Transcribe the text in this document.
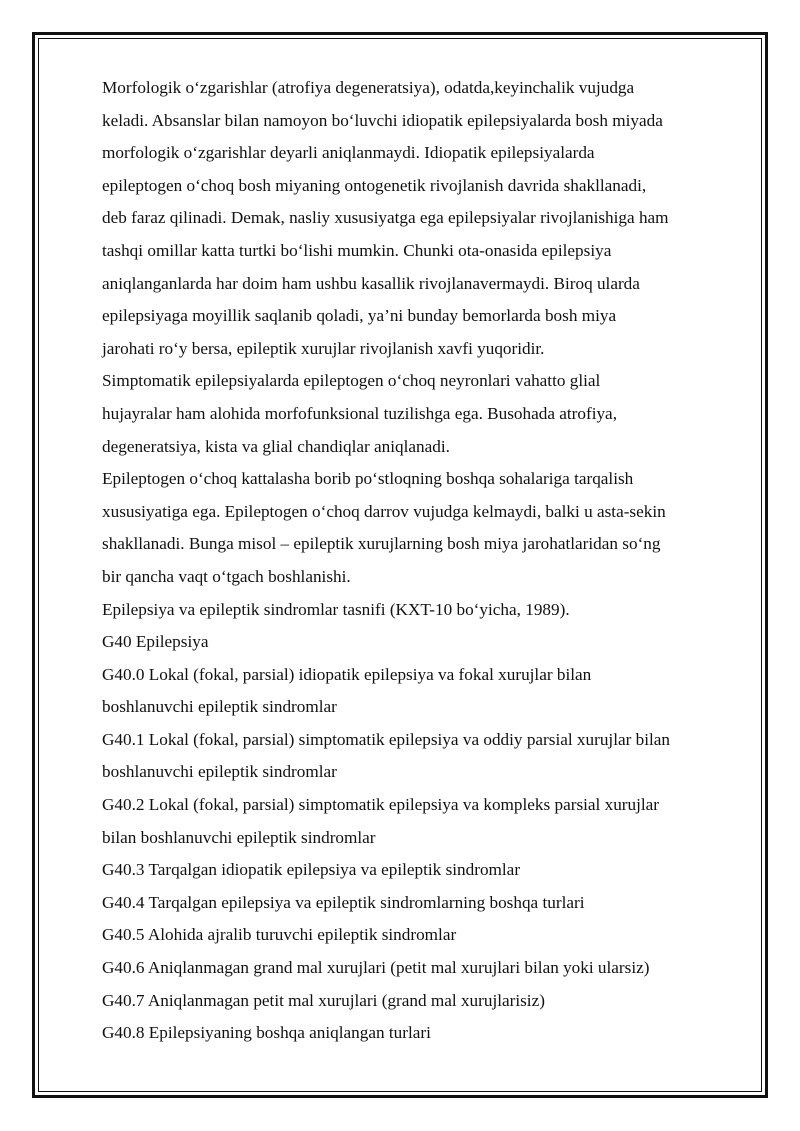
Morfologik o‘zgarishlar (atrofiya degeneratsiya), odatda,keyinchalik vujudga
keladi. Absanslar bilan namoyon bo‘luvchi idiopatik epilepsiyalarda bosh miyada
morfologik o‘zgarishlar deyarli aniqlanmaydi. Idiopatik epilepsiyalarda
epileptogen o‘choq bosh miyaning ontogenetik rivojlanish davrida shakllanadi,
deb faraz qilinadi. Demak, nasliy xususiyatga ega epilepsiyalar rivojlanishiga ham
tashqi omillar katta turtki bo‘lishi mumkin. Chunki ota-onasida epilepsiya
aniqlanganlarda har doim ham ushbu kasallik rivojlanavermaydi. Biroq ularda
epilepsiyaga moyillik saqlanib qoladi, ya’ni bunday bemorlarda bosh miya
jarohati ro‘y bersa, epileptik xurujlar rivojlanish xavfi yuqoridir.
Simptomatik epilepsiyalarda epileptogen o‘choq neyronlari vahatto glial
hujayralar ham alohida morfofunksional tuzilishga ega. Busohada atrofiya,
degeneratsiya, kista va glial chandiqlar aniqlanadi.
Epileptogen o‘choq kattalasha borib po‘stloqning boshqa sohalariga tarqalish
xususiyatiga ega. Epileptogen o‘choq darrov vujudga kelmaydi, balki u asta-sekin
shakllanadi. Bunga misol – epileptik xurujlarning bosh miya jarohatlaridan so‘ng
bir qancha vaqt o‘tgach boshlanishi.
Epilepsiya va epileptik sindromlar tasnifi (KXT-10 bo‘yicha, 1989).
G40 Epilepsiya
G40.0 Lokal (fokal, parsial) idiopatik epilepsiya va fokal xurujlar bilan
boshlanuvchi epileptik sindromlar
G40.1 Lokal (fokal, parsial) simptomatik epilepsiya va oddiy parsial xurujlar bilan
boshlanuvchi epileptik sindromlar
G40.2 Lokal (fokal, parsial) simptomatik epilepsiya va kompleks parsial xurujlar
bilan boshlanuvchi epileptik sindromlar
G40.3 Tarqalgan idiopatik epilepsiya va epileptik sindromlar
G40.4 Tarqalgan epilepsiya va epileptik sindromlarning boshqa turlari
G40.5 Alohida ajralib turuvchi epileptik sindromlar
G40.6 Aniqlanmagan grand mal xurujlari (petit mal xurujlari bilan yoki ularsiz)
G40.7 Aniqlanmagan petit mal xurujlari (grand mal xurujlarisiz)
G40.8 Epilepsiyaning boshqa aniqlangan turlari
